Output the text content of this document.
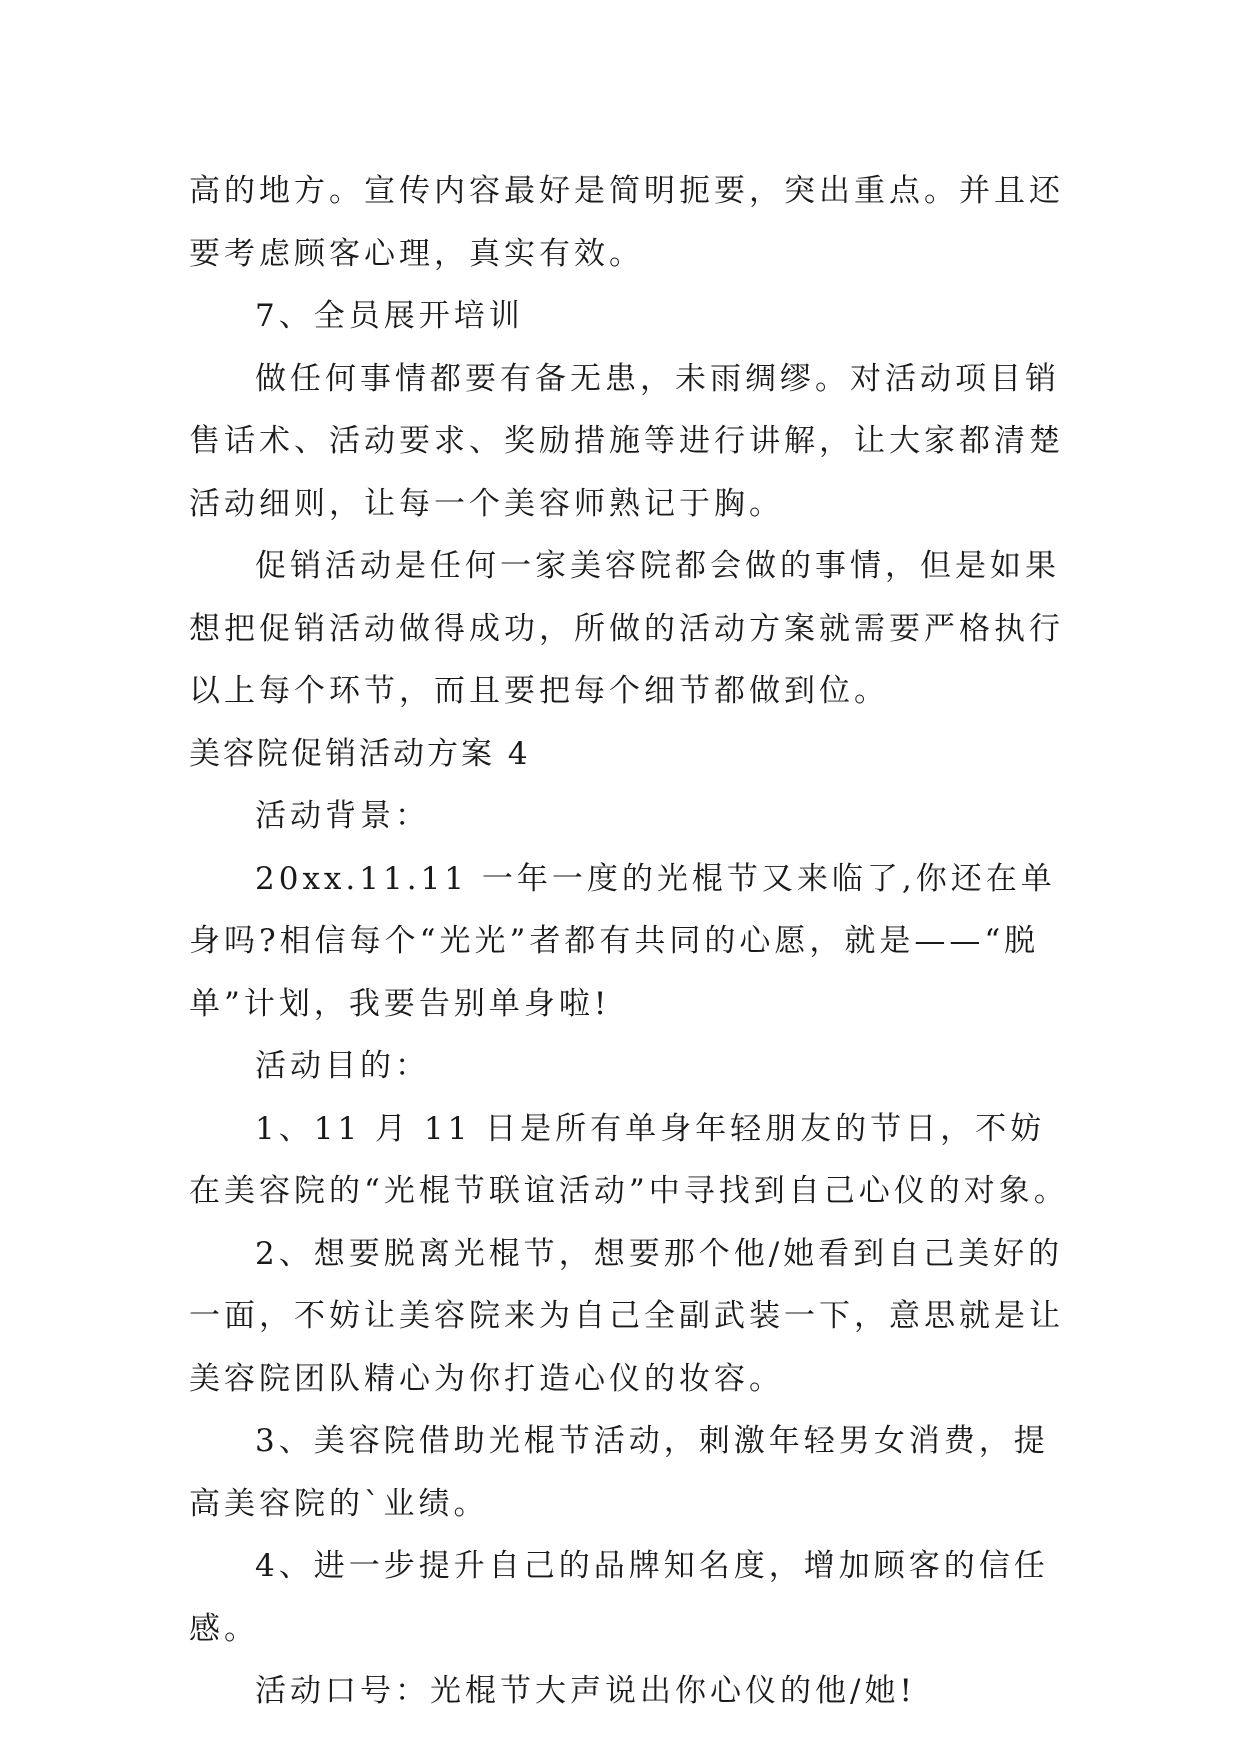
高的地方。宣传内容最好是简明扼要，突出重点。并且还要考虑顾客心理，真实有效。

7、全员展开培训

做任何事情都要有备无患，未雨绸缪。对活动项目销售话术、活动要求、奖励措施等进行讲解，让大家都清楚活动细则，让每一个美容师熟记于胸。

促销活动是任何一家美容院都会做的事情，但是如果想把促销活动做得成功，所做的活动方案就需要严格执行以上每个环节，而且要把每个细节都做到位。

美容院促销活动方案 4

活动背景：

20xx.11.11 一年一度的光棍节又来临了,你还在单身吗?相信每个“光光”者都有共同的心愿，就是——“脱单”计划，我要告别单身啦!

活动目的：

1、11 月 11 日是所有单身年轻朋友的节日，不妨在美容院的“光棍节联谊活动”中寻找到自己心仪的对象。

2、想要脱离光棍节，想要那个他/她看到自己美好的一面，不妨让美容院来为自己全副武装一下，意思就是让美容院团队精心为你打造心仪的妆容。

3、美容院借助光棍节活动，刺激年轻男女消费，提高美容院的`业绩。

4、进一步提升自己的品牌知名度，增加顾客的信任感。

活动口号：光棍节大声说出你心仪的他/她!
